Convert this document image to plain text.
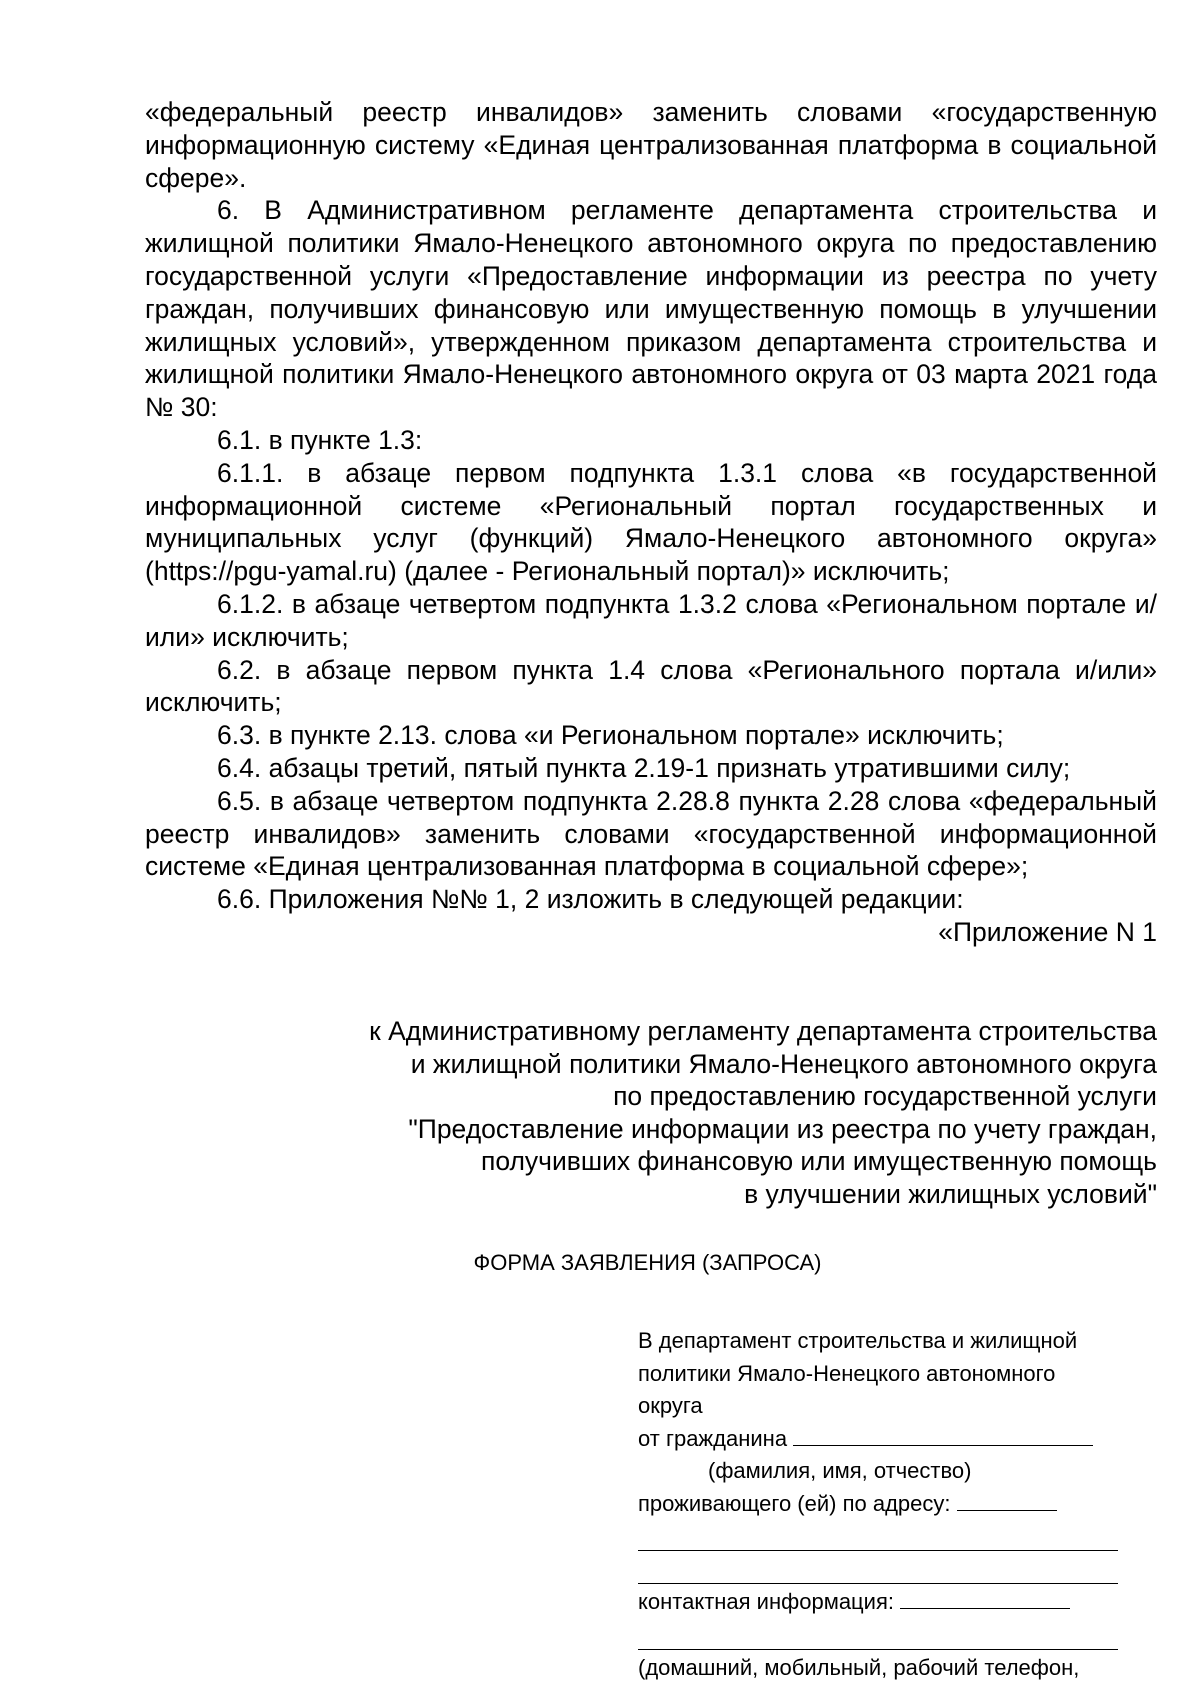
«федеральный реестр инвалидов» заменить словами «государственную информационную систему «Единая централизованная платформа в социальной сфере».

6. В Административном регламенте департамента строительства и жилищной политики Ямало-Ненецкого автономного округа по предоставлению государственной услуги «Предоставление информации из реестра по учету граждан, получивших финансовую или имущественную помощь в улучшении жилищных условий», утвержденном приказом департамента строительства и жилищной политики Ямало-Ненецкого автономного округа от 03 марта 2021 года № 30:

6.1. в пункте 1.3:

6.1.1. в абзаце первом подпункта 1.3.1 слова «в государственной информационной системе «Региональный портал государственных и муниципальных услуг (функций) Ямало-Ненецкого автономного округа» (https://pgu-yamal.ru) (далее - Региональный портал)» исключить;

6.1.2. в абзаце четвертом подпункта 1.3.2 слова «Региональном портале и/или» исключить;

6.2. в абзаце первом пункта 1.4 слова «Регионального портала и/или» исключить;

6.3. в пункте 2.13. слова «и Региональном портале» исключить;

6.4. абзацы третий, пятый пункта 2.19-1 признать утратившими силу;

6.5. в абзаце четвертом подпункта 2.28.8 пункта 2.28 слова «федеральный реестр инвалидов» заменить словами «государственной информационной системе «Единая централизованная платформа в социальной сфере»;

6.6. Приложения №№ 1, 2 изложить в следующей редакции:

«Приложение N 1

к Административному регламенту департамента строительства

и жилищной политики Ямало-Ненецкого автономного округа

по предоставлению государственной услуги

"Предоставление информации из реестра по учету граждан,

получивших финансовую или имущественную помощь

в улучшении жилищных условий"

ФОРМА ЗАЯВЛЕНИЯ (ЗАПРОСА)

В департамент строительства и жилищной

политики Ямало-Ненецкого автономного

округа

от гражданина

(фамилия, имя, отчество)

проживающего (ей) по адресу:

контактная информация:

(домашний, мобильный, рабочий телефон,
